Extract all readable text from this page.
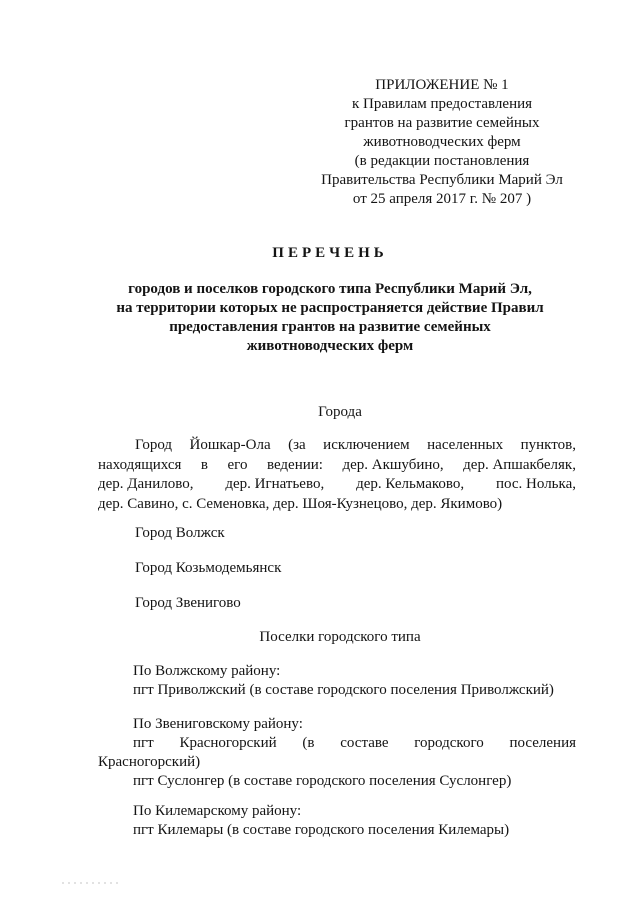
ПРИЛОЖЕНИЕ № 1
к Правилам предоставления
грантов на развитие семейных
животноводческих ферм
(в редакции постановления
Правительства Республики Марий Эл
от 25 апреля 2017 г. № 207 )
ПЕРЕЧЕНЬ
городов и поселков городского типа Республики Марий Эл,
на территории которых не распространяется действие Правил
предоставления грантов на развитие семейных
животноводческих ферм
Города
Город Йошкар-Ола (за исключением населенных пунктов,
находящихся в его ведении: дер. Акшубино, дер. Апшакбеляк,
дер. Данилово, дер. Игнатьево, дер. Кельмаково, пос. Нолька,
дер. Савино, с. Семеновка, дер. Шоя-Кузнецово, дер. Якимово)
Город Волжск
Город Козьмодемьянск
Город Звенигово
Поселки городского типа
По Волжскому району:
пгт Приволжский (в составе городского поселения Приволжский)
По Звениговскому району:
пгт Красногорский (в составе городского поселения
Красногорский)
пгт Суслонгер (в составе городского поселения Суслонгер)
По Килемарскому району:
пгт Килемары (в составе городского поселения Килемары)
